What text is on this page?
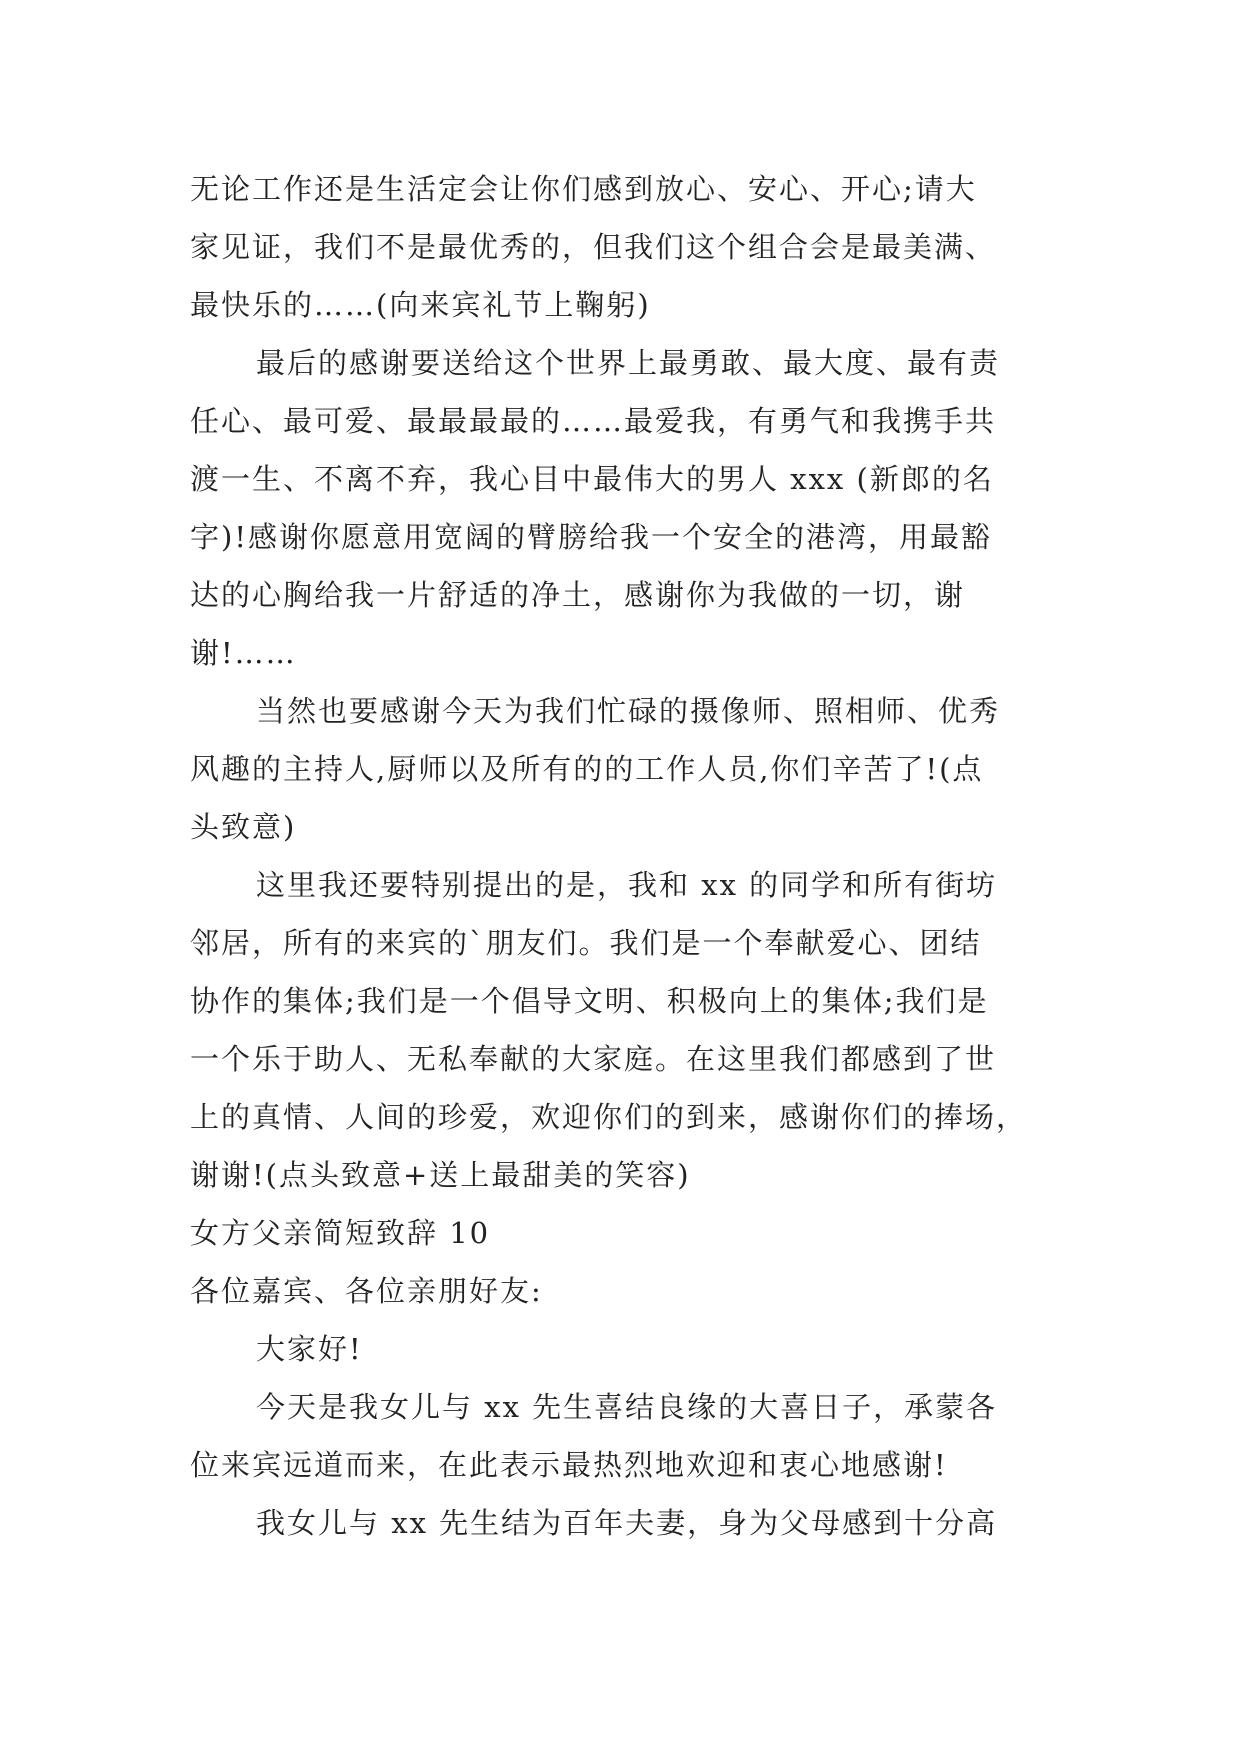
无论工作还是生活定会让你们感到放心、安心、开心;请大
家见证，我们不是最优秀的，但我们这个组合会是最美满、
最快乐的……(向来宾礼节上鞠躬)
最后的感谢要送给这个世界上最勇敢、最大度、最有责
任心、最可爱、最最最最的……最爱我，有勇气和我携手共
渡一生、不离不弃，我心目中最伟大的男人 xxx (新郎的名
字)!感谢你愿意用宽阔的臂膀给我一个安全的港湾，用最豁
达的心胸给我一片舒适的净土，感谢你为我做的一切，谢
谢!……
当然也要感谢今天为我们忙碌的摄像师、照相师、优秀
风趣的主持人,厨师以及所有的的工作人员,你们辛苦了!(点
头致意)
这里我还要特别提出的是，我和 xx 的同学和所有街坊
邻居，所有的来宾的`朋友们。我们是一个奉献爱心、团结
协作的集体;我们是一个倡导文明、积极向上的集体;我们是
一个乐于助人、无私奉献的大家庭。在这里我们都感到了世
上的真情、人间的珍爱，欢迎你们的到来，感谢你们的捧场，
谢谢!(点头致意+送上最甜美的笑容)
女方父亲简短致辞 10
各位嘉宾、各位亲朋好友:
大家好!
今天是我女儿与 xx 先生喜结良缘的大喜日子，承蒙各
位来宾远道而来，在此表示最热烈地欢迎和衷心地感谢!
我女儿与 xx 先生结为百年夫妻，身为父母感到十分高
